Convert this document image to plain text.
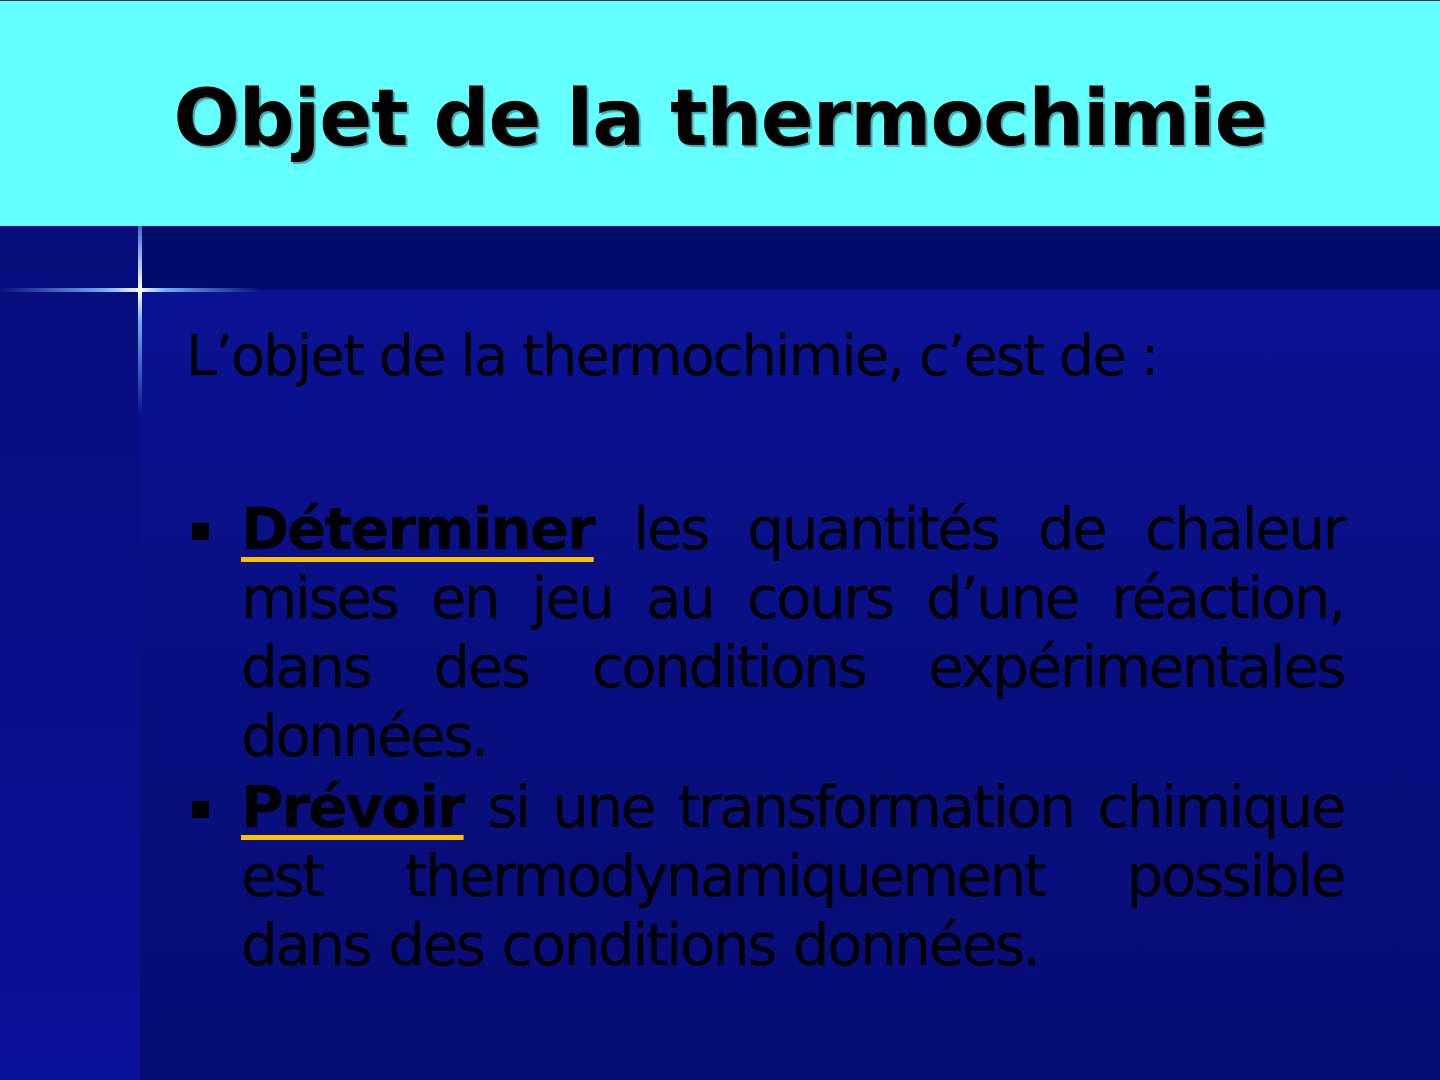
Objet de la thermochimie

L’objet de la thermochimie, c’est de :

Déterminer les quantités de chaleur mises en jeu au cours d’une réaction, dans des conditions expérimentales données.
Prévoir si une transformation chimique est thermodynamiquement possible dans des conditions données.
